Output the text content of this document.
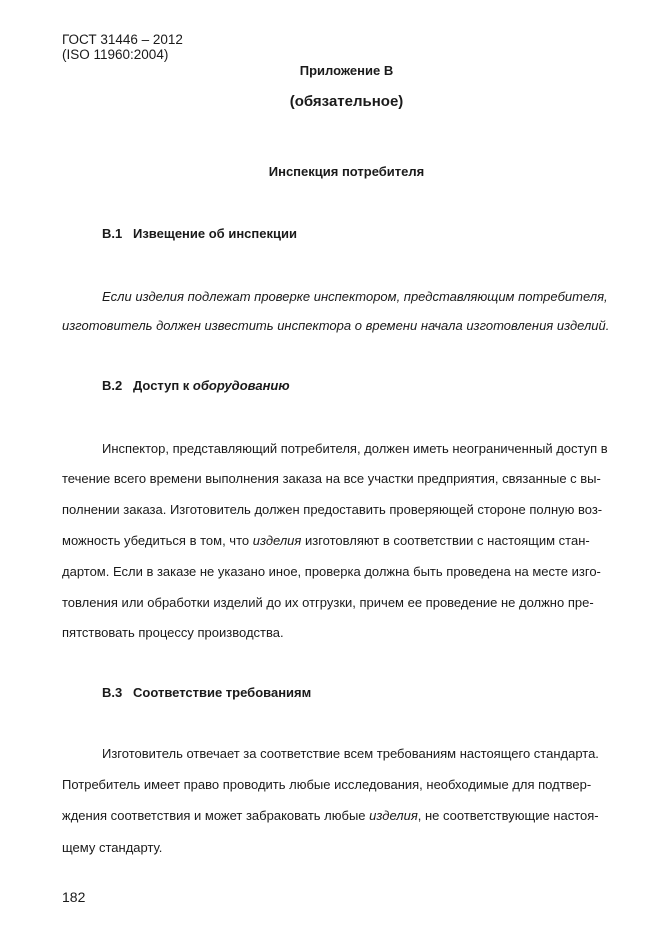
ГОСТ 31446 – 2012
(ISO 11960:2004)
Приложение В
(обязательное)
Инспекция потребителя
В.1 Извещение об инспекции
Если изделия подлежат проверке инспектором, представляющим потребителя,
изготовитель должен известить инспектора о времени начала изготовления изделий.
В.2 Доступ к оборудованию
Инспектор, представляющий потребителя, должен иметь неограниченный доступ в
течение всего времени выполнения заказа на все участки предприятия, связанные с вы-
полнении заказа. Изготовитель должен предоставить проверяющей стороне полную воз-
можность убедиться в том, что изделия изготовляют в соответствии с настоящим стан-
дартом. Если в заказе не указано иное, проверка должна быть проведена на месте изго-
товления или обработки изделий до их отгрузки, причем ее проведение не должно пре-
пятствовать процессу производства.
В.3 Соответствие требованиям
Изготовитель отвечает за соответствие всем требованиям настоящего стандарта.
Потребитель имеет право проводить любые исследования, необходимые для подтвер-
ждения соответствия и может забраковать любые изделия, не соответствующие настоя-
щему стандарту.
182
